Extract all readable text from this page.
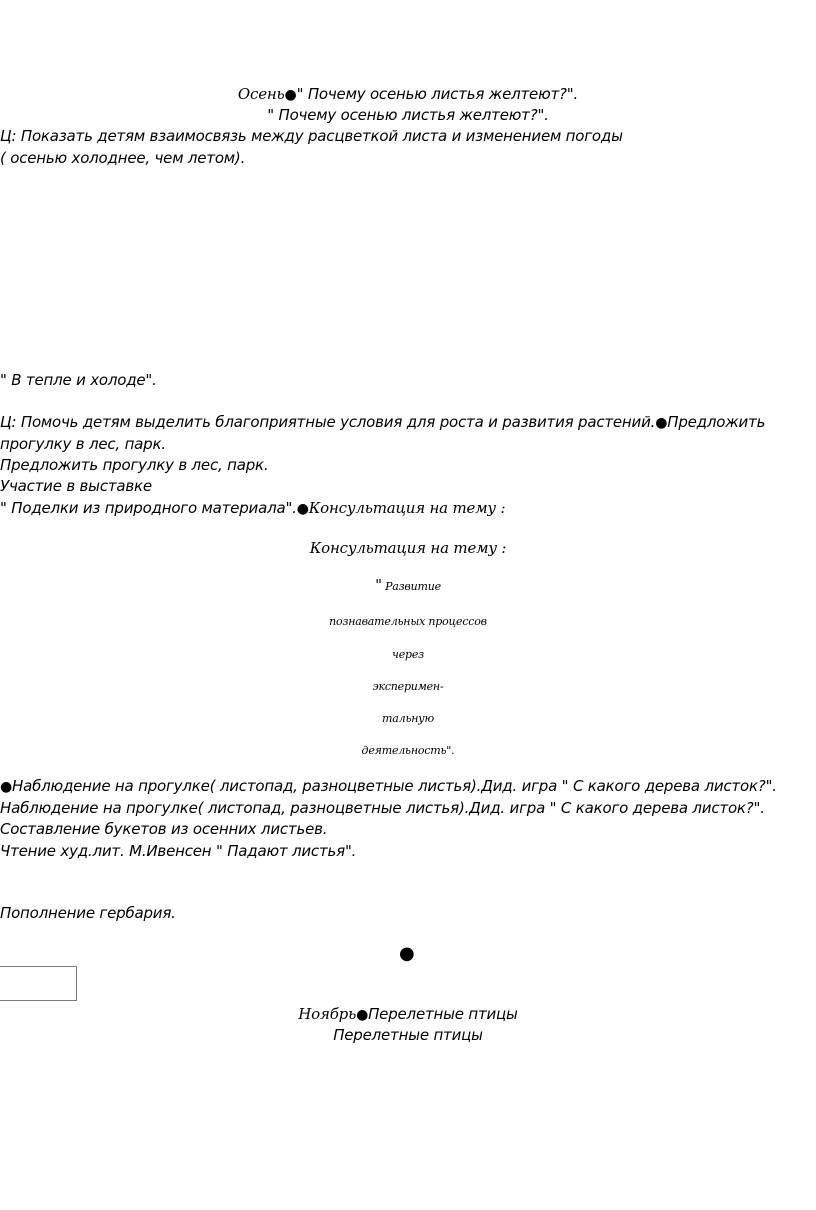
Осень●" Почему осенью листья желтеют?".
" Почему осенью листья желтеют?".
Ц: Показать детям взаимосвязь между расцветкой листа и изменением погоды
( осенью холоднее, чем летом).
" В тепле и холоде".
Ц: Помочь детям выделить благоприятные условия для роста и развития растений.●Предложить
прогулку в лес, парк.
Предложить прогулку в лес, парк.
Участие в выставке
" Поделки из природного материала".●Консультация на тему :
Консультация на тему :
" Развитие
познавательных процессов
через
эксперимен-
тальную
деятельность".
●Наблюдение на прогулке( листопад, разноцветные листья).Дид. игра " С какого дерева листок?".
Наблюдение на прогулке( листопад, разноцветные листья).Дид. игра " С какого дерева листок?".
Составление букетов из осенних листьев.
Чтение худ.лит. М.Ивенсен " Падают листья".
Пополнение гербария.
●
Ноябрь●Перелетные птицы
Перелетные птицы
